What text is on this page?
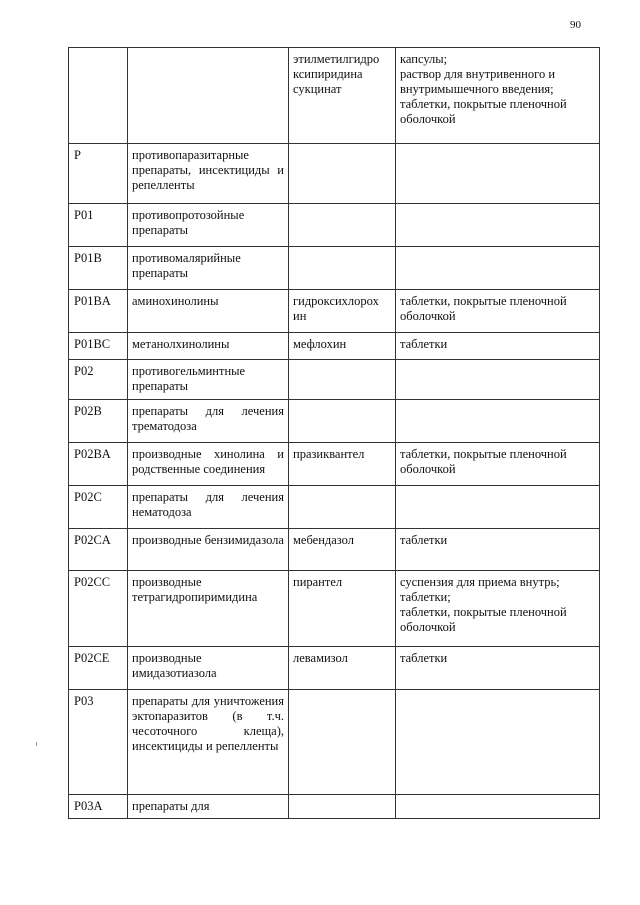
90
		этилметилгидро
ксипиридина
сукцинат	капсулы;
раствор для внутривенного и
внутримышечного введения;
таблетки, покрытые пленочной
оболочкой
P	противопаразитарные препараты, инсектициды и репелленты		
P01	противопротозойные препараты		
P01B	противомалярийные препараты		
P01BA	аминохинолины	гидроксихлорох
ин	таблетки, покрытые пленочной
оболочкой
P01BC	метанолхинолины	мефлохин	таблетки
P02	противогельминтные препараты		
P02B	препараты для лечения трематодоза		
P02BA	производные хинолина и родственные соединения	празиквантел	таблетки, покрытые пленочной
оболочкой
P02C	препараты для лечения нематодоза		
P02CA	производные бензимидазола	мебендазол	таблетки
P02CC	производные тетрагидропиримидина	пирантел	суспензия для приема внутрь;
таблетки;
таблетки, покрытые пленочной
оболочкой
P02CE	производные имидазотиазола	левамизол	таблетки
P03	препараты для уничтожения эктопаразитов (в т.ч. чесоточного клеща), инсектициды и репелленты		
P03A	препараты для		
